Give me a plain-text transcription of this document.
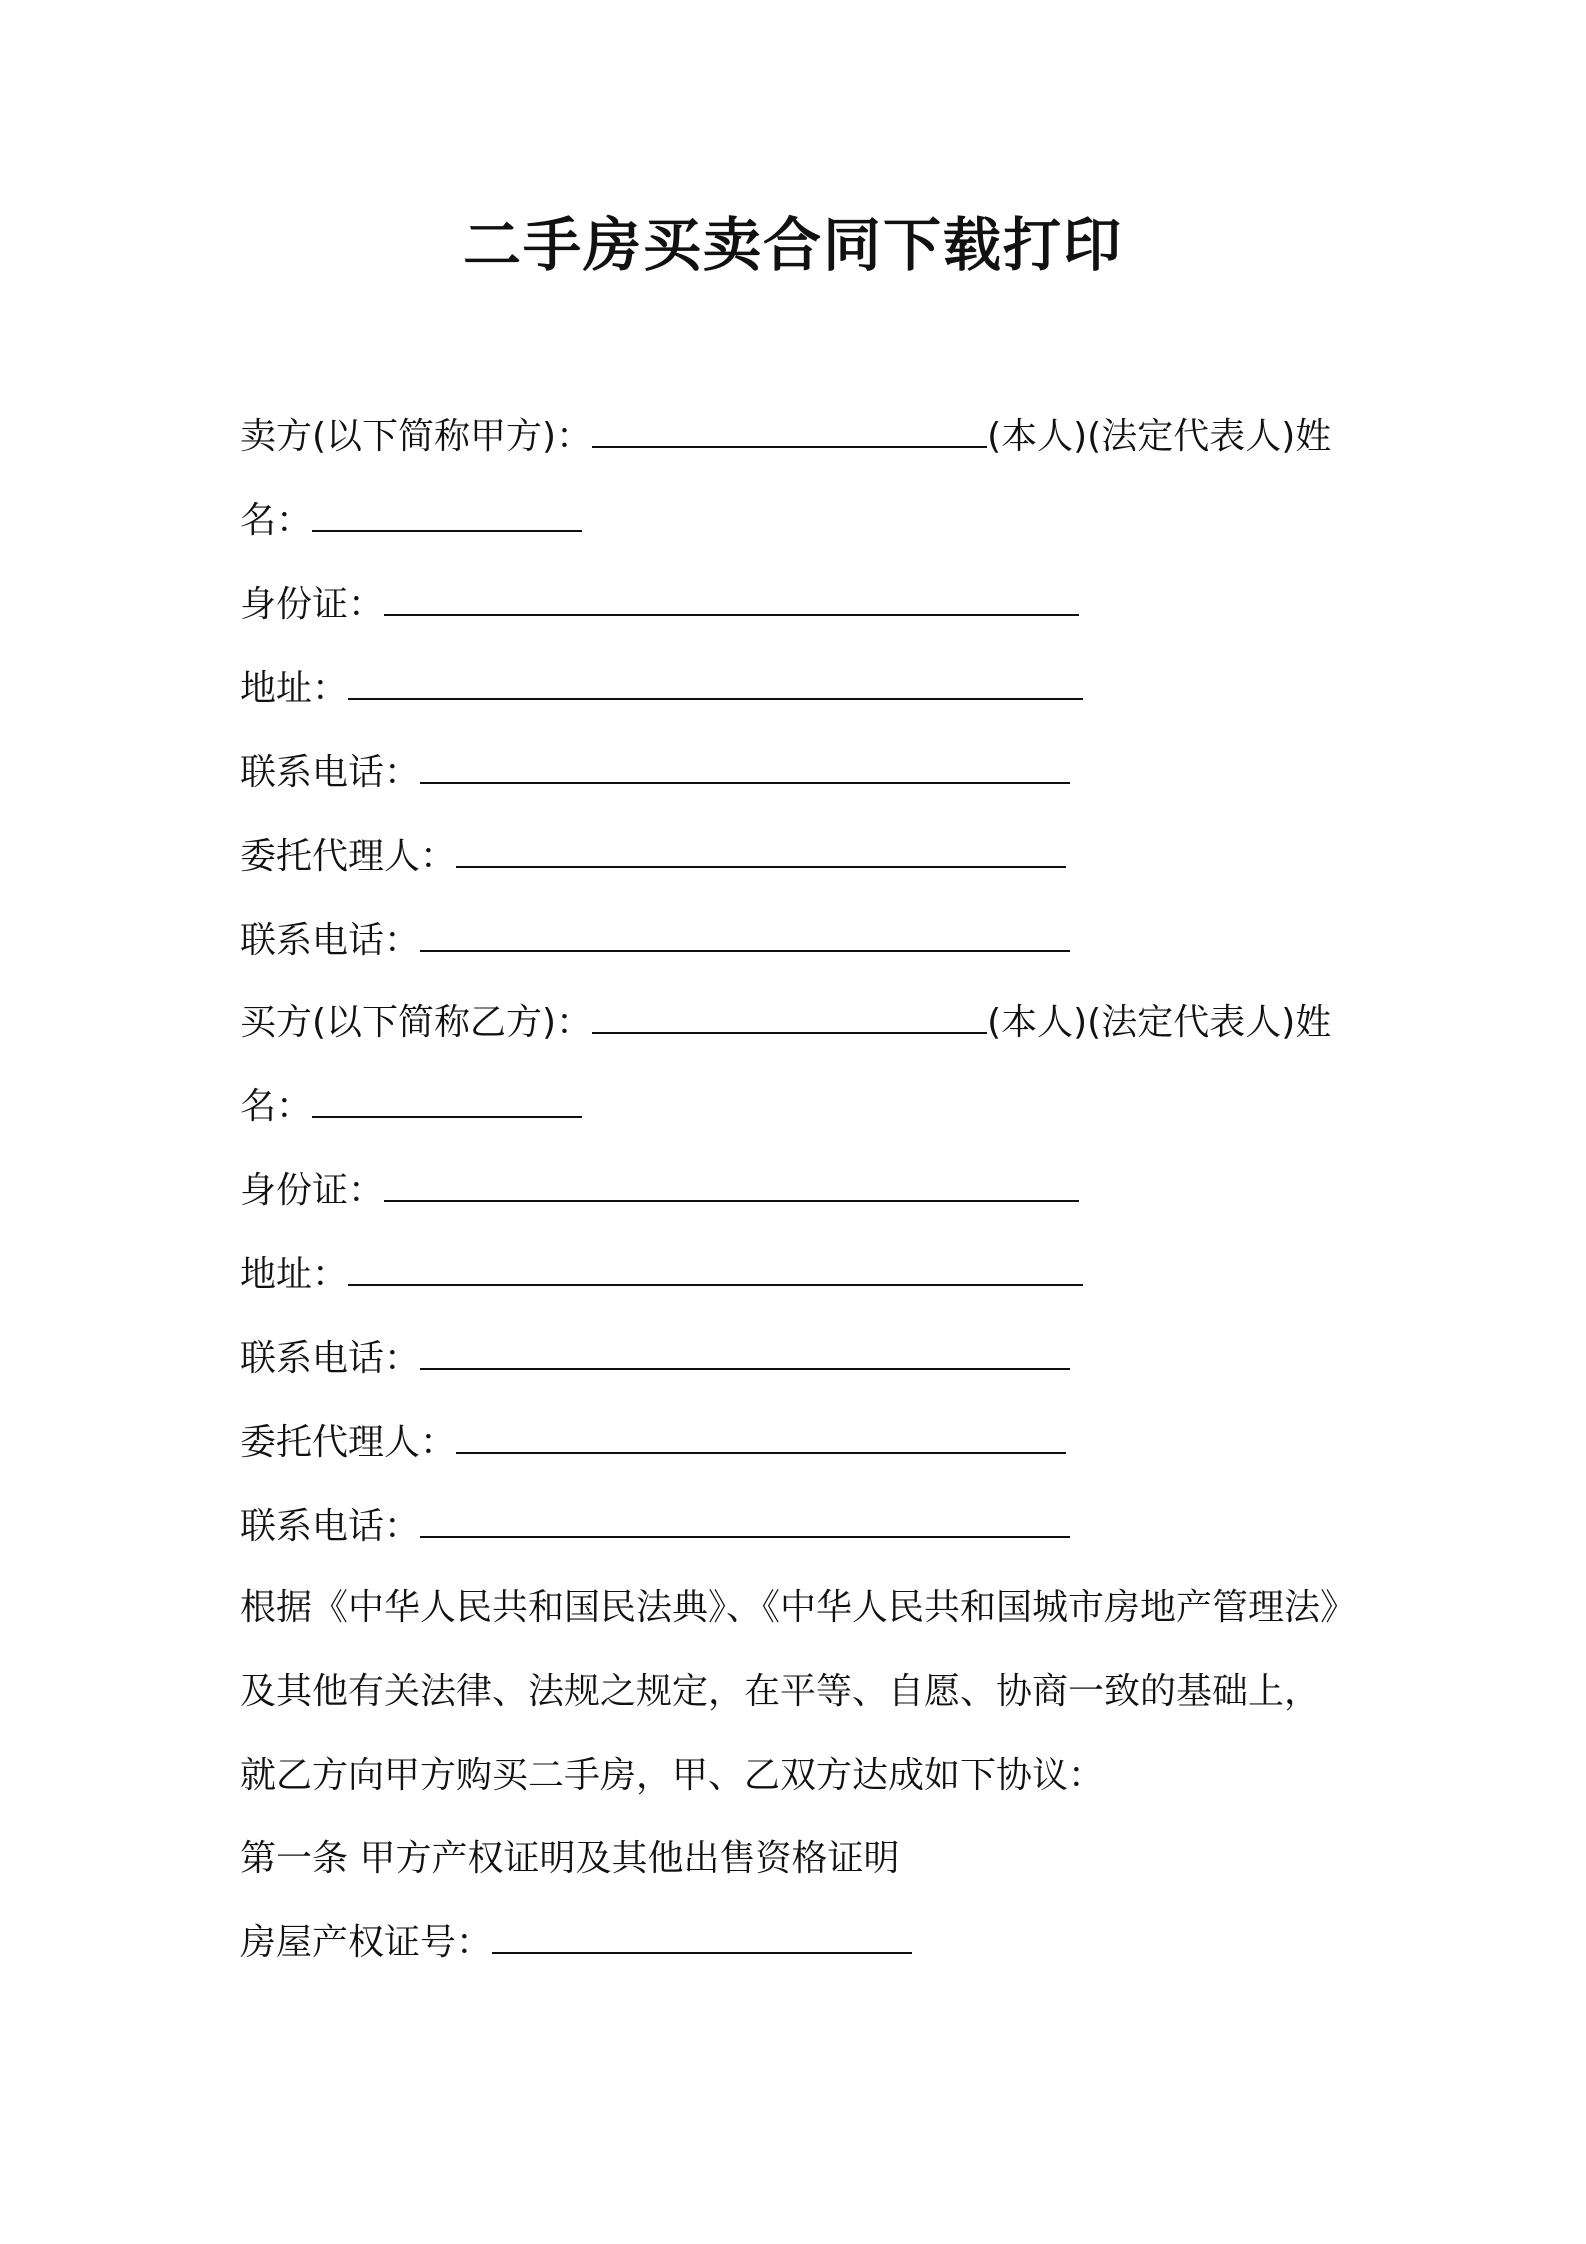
二手房买卖合同下载打印
卖方(以下简称甲方)：	(本人)(法定代表人)姓
名：
身份证：
地址：
联系电话：
委托代理人：
联系电话：
买方(以下简称乙方)：	(本人)(法定代表人)姓
名：
身份证：
地址：
联系电话：
委托代理人：
联系电话：
根据《中华人民共和国民法典》、《中华人民共和国城市房地产管理法》
及其他有关法律、法规之规定，在平等、自愿、协商一致的基础上，
就乙方向甲方购买二手房，甲、乙双方达成如下协议：
第一条 甲方产权证明及其他出售资格证明
房屋产权证号：
